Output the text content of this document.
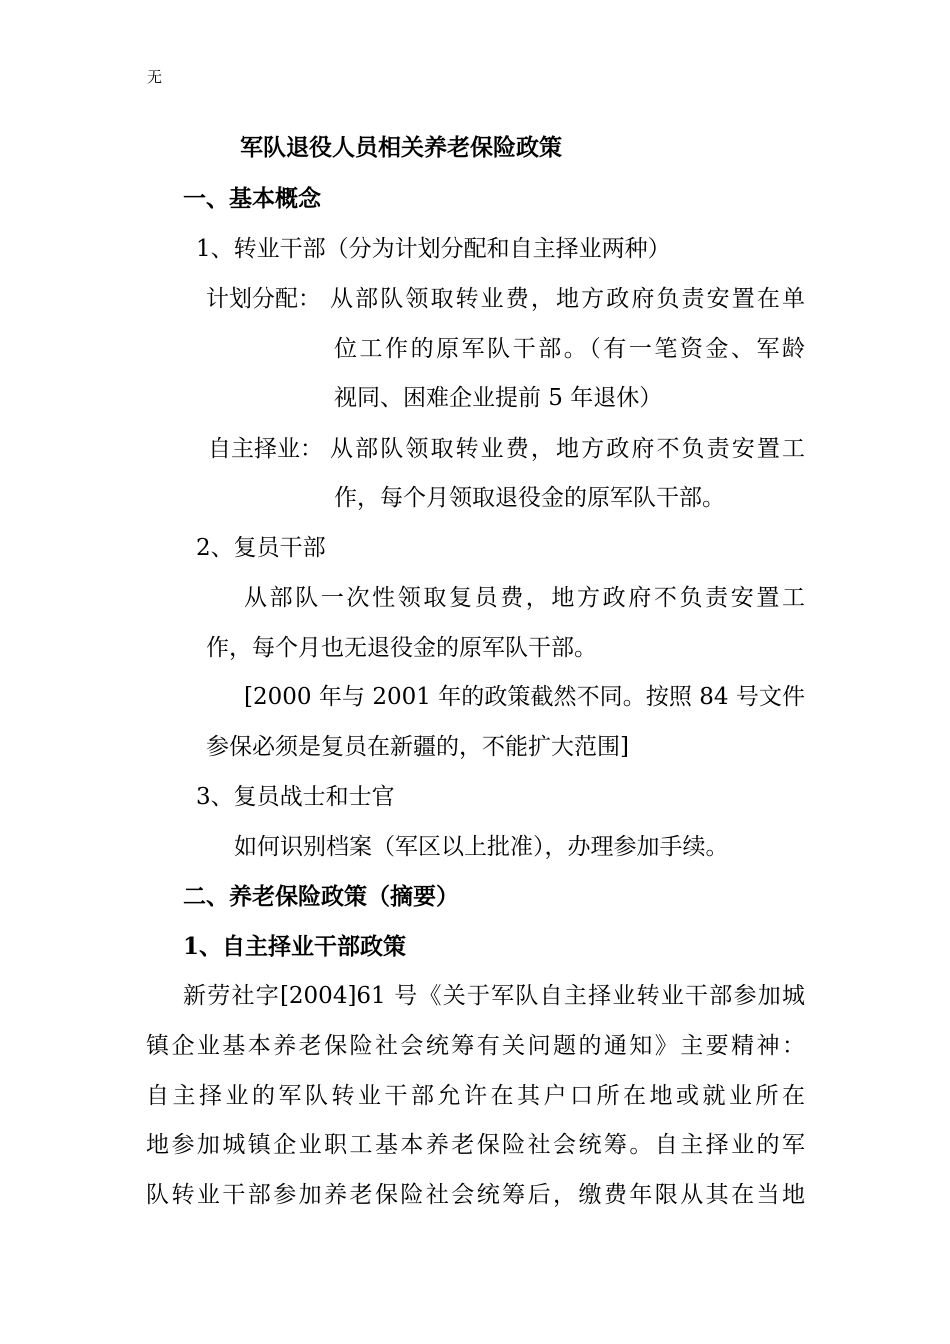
无
军队退役人员相关养老保险政策
一、基本概念
1、转业干部（分为计划分配和自主择业两种）
计划分配： 从部队领取转业费，地方政府负责安置在单
位工作的原军队干部。（有一笔资金、军龄
视同、困难企业提前 5 年退休）
自主择业： 从部队领取转业费，地方政府不负责安置工
作，每个月领取退役金的原军队干部。
2、复员干部
从部队一次性领取复员费，地方政府不负责安置工
作，每个月也无退役金的原军队干部。
[2000 年与 2001 年的政策截然不同。按照 84 号文件
参保必须是复员在新疆的，不能扩大范围]
3、复员战士和士官
如何识别档案（军区以上批准），办理参加手续。
二、养老保险政策（摘要）
1、自主择业干部政策
新劳社字[2004]61 号《关于军队自主择业转业干部参加城
镇企业基本养老保险社会统筹有关问题的通知》主要精神：
自主择业的军队转业干部允许在其户口所在地或就业所在
地参加城镇企业职工基本养老保险社会统筹。自主择业的军
队转业干部参加养老保险社会统筹后，缴费年限从其在当地
